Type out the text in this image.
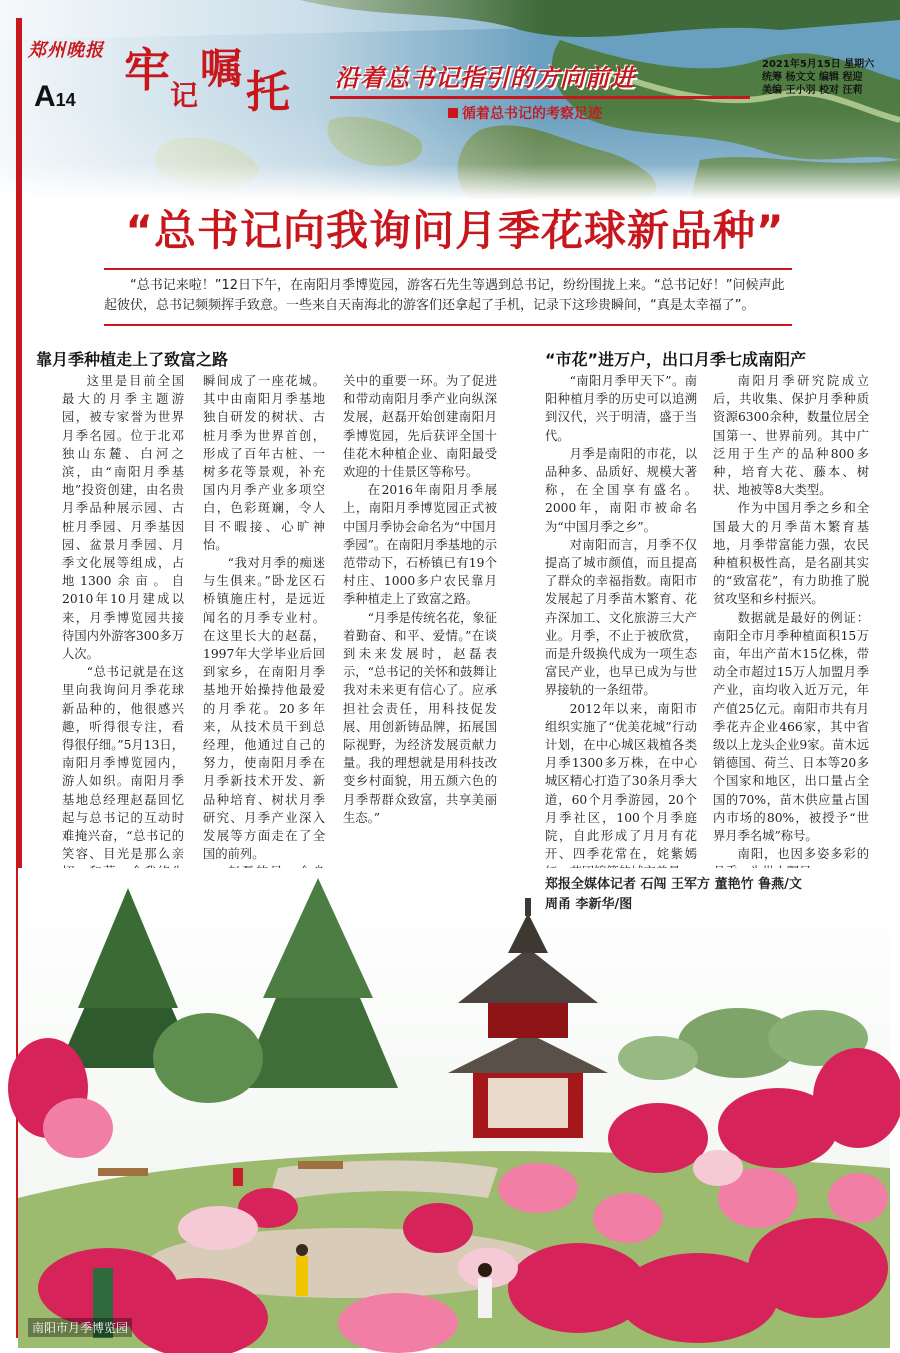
郑州晚报
A14
牢 记
嘱 托 沿着总书记指引的方向前进
循着总书记的考察足迹
2021年5月15日 星期六
统筹 杨文文 编辑 程迎
美编 王小羽 校对 汪莉
“总书记向我询问月季花球新品种”
“总书记来啦！”12日下午，在南阳月季博览园，游客石先生等遇到总书记，纷纷围拢上来。“总书记好！”问候声此起彼伏，总书记频频挥手致意。一些来自天南海北的游客们还拿起了手机，记录下这珍贵瞬间，“真是太幸福了”。
靠月季种植走上了致富之路	“市花”进万户，出口月季七成南阳产

这里是目前全国最大的月季主题游园，被专家誉为世界月季名园。位于北邓独山东麓、白河之滨，由“南阳月季基地”投资创建，由名贵月季品种展示园、古桩月季园、月季基因园、盆景月季园、月季文化展等组成，占地1300余亩。自2010年10月建成以来，月季博览园共接待国内外游客300多万人次。

“总书记就是在这里向我询问月季花球新品种的，他很感兴趣，听得很专注，看得很仔细。”5月13日，南阳月季博览园内，游人如织。南阳月季基地总经理赵磊回忆起与总书记的互动时难掩兴奋，“总书记的笑容、目光是那么亲

瞬间成了一座花城。其中由南阳月季基地独自研发的树状、古桩月季为世界首创，形成了百年古桩、一树多花等景观，补充国内月季产业多项空白，色彩斑斓，令人目不暇接、心旷神怡。

“我对月季的痴迷与生俱来。”卧龙区石桥镇施庄村，是远近闻名的月季专业村。在这里长大的赵磊，1997年大学毕业后回到家乡，在南阳月季基地开始操持他最爱的月季花。20多年来，从技术员干到总经理，他通过自己的努力，使南阳月季在月季新技术开发、新品种培育、树状月季研究、月季产业深入发展等方面走在了全国的前列。

关中的重要一环。为了促进和带动南阳月季产业向纵深发展，赵磊开始创建南阳月季博览园，先后获评全国十佳花木种植企业、南阳最受欢迎的十佳景区等称号。

在2016年南阳月季展上，南阳月季博览园正式被中国月季协会命名为“中国月季园”。在南阳月季基地的示范带动下，石桥镇已有19个村庄、1000多户农民靠月季种植走上了致富之路。

“月季是传统名花，象征着勤奋、和平、爱情。”在谈到未来发展时，赵磊表示，“总书记的关怀和鼓舞让我对未来更有信心了。应承担社会责任，用科技促发展、用创新铸品牌，拓展国际视野，为经济发展贡献力量。我的理想就是用科技改变乡村面貌，用五颜六色的月季帮群众致富，共享美丽生态。”

“南阳月季甲天下”。南阳种植月季的历史可以追溯到汉代，兴于明清，盛于当代。

月季是南阳的市花，以品种多、品质好、规模大著称，在全国享有盛名。2000年，南阳市被命名为“中国月季之乡”。

对南阳而言，月季不仅提高了城市颜值，而且提高了群众的幸福指数。南阳市发展起了月季苗木繁育、花卉深加工、文化旅游三大产业。月季，不止于被欣赏，而是升级换代成为一项生态富民产业，也早已成为与世界接轨的一条纽带。

2012年以来，南阳市组织实施了“优美花城”行动计划，在中心城区栽植各类月季1300多万株，在中心城区精心打造了30条月季大道，60个月季游园，20个月季社区，100个月季庭院，自此形成了月月有花开、四季花常在，姹紫嫣

南阳月季研究院成立后，共收集、保护月季种质资源6300余种，数量位居全国第一、世界前列。其中广泛用于生产的品种800多种，培育大花、藤本、树状、地被等8大类型。

作为中国月季之乡和全国最大的月季苗木繁育基地，月季带富能力强，农民种植积极性高，是名副其实的“致富花”，有力助推了脱贫攻坚和乡村振兴。

数据就是最好的例证：南阳全市月季种植面积15万亩，年出产苗木15亿株，带动全市超过15万人加盟月季产业，亩均收入近万元，年产值25亿元。南阳市共有月季花卉企业466家，其中省级以上龙头企业9家。苗木远销德国、荷兰、日本等20多个国家和地区，出口量占全国的70%，苗木供应量占国内市场的80%，被授予“世界月季名城”称号。

南阳，也因多姿多彩的

南阳市月季博览园
郑报全媒体记者 石闯 王军方 董艳竹 鲁燕/文
周甬 李新华/图
